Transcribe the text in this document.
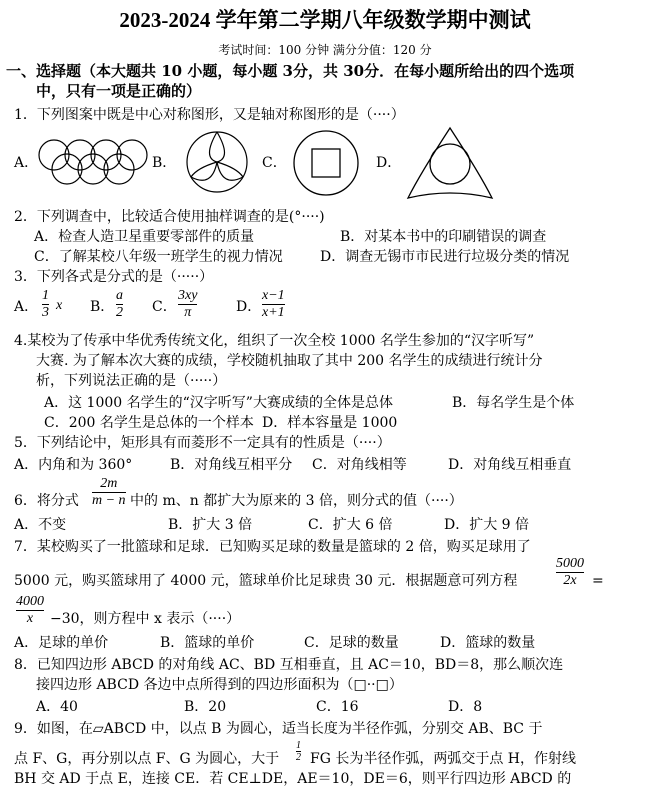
2023-2024 学年第二学期八年级数学期中测试
考试时间：100 分钟 满分分值：120 分
一、选择题（本大题共 10 小题，每小题 3分，共 30分．在每小题所给出的四个选项
中，只有一项是正确的）
1．下列图案中既是中心对称图形，又是轴对称图形的是（····）
A．	B．	C．	D．
2．下列调查中，比较适合使用抽样调查的是(°····)
A．检查人造卫星重要零部件的质量	B．对某本书中的印刷错误的调查
C．了解某校八年级一班学生的视力情况	D．调查无锡市市民进行垃圾分类的情况
3．下列各式是分式的是（·····）
A． $\frac{1}{3}$ x B． $\frac{a}{2}$ C． $\frac{3xy}{\pi}$	D． $\frac{x-1}{x+1}$
4.某校为了传承中华优秀传统文化，组织了一次全校 1000 名学生参加的“汉字听写”
大赛. 为了解本次大赛的成绩，学校随机抽取了其中 200 名学生的成绩进行统计分
析，下列说法正确的是（·····）
A．这 1000 名学生的“汉字听写”大赛成绩的全体是总体	B．每名学生是个体
C．200 名学生是总体的一个样本 D．样本容量是 1000
5．下列结论中，矩形具有而菱形不一定具有的性质是（····）
A．内角和为 360°	B．对角线互相平分 C．对角线相等	D．对角线互相垂直
6．将分式 $\frac{2m}{m - n}$ 中的 m、n 都扩大为原来的 3 倍，则分式的值（····）
A．不变	B．扩大 3 倍	C．扩大 6 倍	D．扩大 9 倍
7．某校购买了一批篮球和足球．已知购买足球的数量是篮球的 2 倍，购买足球用了
5000 元，购买篮球用了 4000 元，篮球单价比足球贵 30 元．根据题意可列方程	$\frac{5000}{2x}$ =
$\frac{4000}{x} -30$，则方程中 x 表示（····）
A．足球的单价	B．篮球的单价	C．足球的数量	D．篮球的数量
8．已知四边形 ABCD 的对角线 AC、BD 互相垂直，且 AC＝10，BD＝8，那么顺次连
接四边形 ABCD 各边中点所得到的四边形面积为（□··□）
A．40	B．20	C．16	D．8
9．如图，在▱ABCD 中，以点 B 为圆心，适当长度为半径作弧，分别交 AB、BC 于
点 F、G，再分别以点 F、G 为圆心，大于 $\frac{1}{2}$ FG 长为半径作弧，两弧交于点 H，作射线
BH 交 AD 于点 E，连接 CE．若 CE⊥DE，AE＝10，DE＝6，则平行四边形 ABCD 的
